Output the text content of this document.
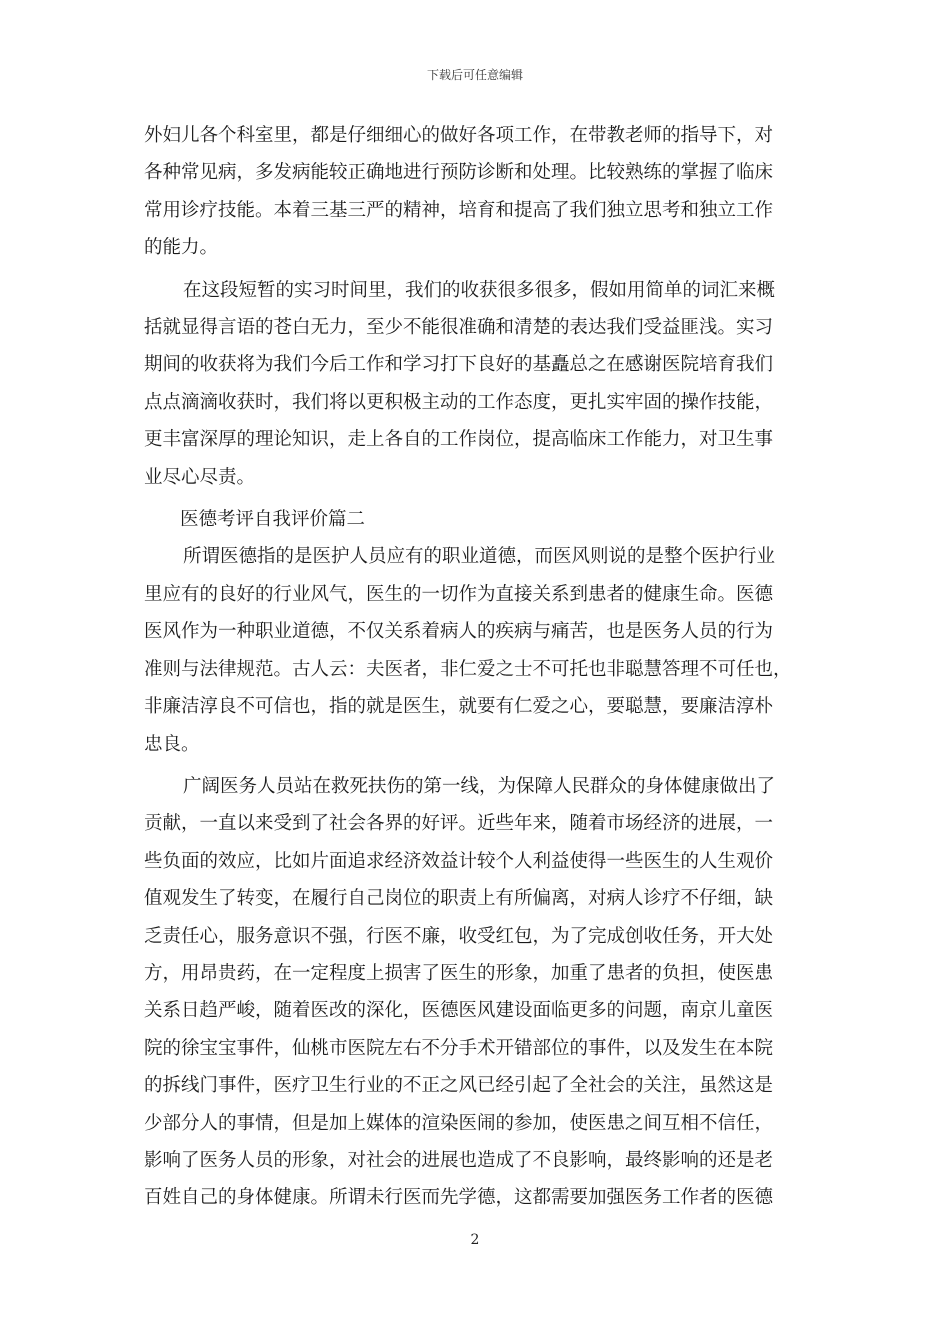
下载后可任意编辑
外妇儿各个科室里，都是仔细细心的做好各项工作，在带教老师的指导下，对
各种常见病，多发病能较正确地进行预防诊断和处理。比较熟练的掌握了临床
常用诊疗技能。本着三基三严的精神，培育和提高了我们独立思考和独立工作
的能力。
在这段短暂的实习时间里，我们的收获很多很多，假如用简单的词汇来概
括就显得言语的苍白无力，至少不能很准确和清楚的表达我们受益匪浅。实习
期间的收获将为我们今后工作和学习打下良好的基矗总之在感谢医院培育我们
点点滴滴收获时，我们将以更积极主动的工作态度，更扎实牢固的操作技能，
更丰富深厚的理论知识，走上各自的工作岗位，提高临床工作能力，对卫生事
业尽心尽责。
医德考评自我评价篇二
所谓医德指的是医护人员应有的职业道德，而医风则说的是整个医护行业
里应有的良好的行业风气，医生的一切作为直接关系到患者的健康生命。医德
医风作为一种职业道德，不仅关系着病人的疾病与痛苦，也是医务人员的行为
准则与法律规范。古人云：夫医者，非仁爱之士不可托也非聪慧答理不可任也，
非廉洁淳良不可信也，指的就是医生，就要有仁爱之心，要聪慧，要廉洁淳朴
忠良。
广阔医务人员站在救死扶伤的第一线，为保障人民群众的身体健康做出了
贡献，一直以来受到了社会各界的好评。近些年来，随着市场经济的进展，一
些负面的效应，比如片面追求经济效益计较个人利益使得一些医生的人生观价
值观发生了转变，在履行自己岗位的职责上有所偏离，对病人诊疗不仔细，缺
乏责任心，服务意识不强，行医不廉，收受红包，为了完成创收任务，开大处
方，用昂贵药，在一定程度上损害了医生的形象，加重了患者的负担，使医患
关系日趋严峻，随着医改的深化，医德医风建设面临更多的问题，南京儿童医
院的徐宝宝事件，仙桃市医院左右不分手术开错部位的事件，以及发生在本院
的拆线门事件，医疗卫生行业的不正之风已经引起了全社会的关注，虽然这是
少部分人的事情，但是加上媒体的渲染医闹的参加，使医患之间互相不信任，
影响了医务人员的形象，对社会的进展也造成了不良影响，最终影响的还是老
百姓自己的身体健康。所谓未行医而先学德，这都需要加强医务工作者的医德
2
